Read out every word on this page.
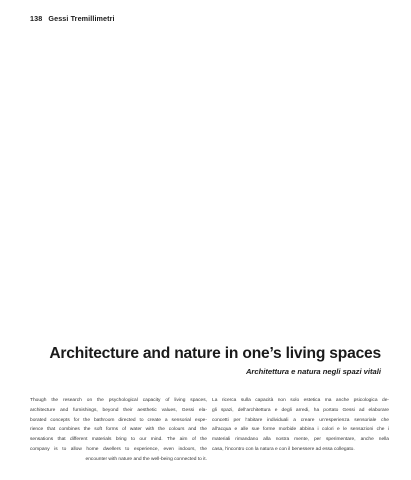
138 Gessi Tremillimetri
Architecture and nature in one’s living spaces
Architettura e natura negli spazi vitali
Though the research on the psychological capacity of living spaces,
architecture and furnishings, beyond their aesthetic values, Gessi ela-
borated concepts for the bathroom directed to create a sensorial expe-
rience that combines the soft forms of water with the colours and the
sensations that different materials bring to our mind. The aim of the
company is to allow home dwellers to experience, even indoors, the
encounter with nature and the well-being connected to it.
La ricerca sulla capacità non solo estetica ma anche psicologica de-
gli spazi, dell’architettura e degli arredi, ha portato Gessi ad elaborare
concetti per l’abitare individuali a creare un’esperienza sensoriale che
all’acqua e alle sue forme morbide abbina i colori e le sensazioni che i
materiali rimandano alla nostra mente, per sperimentare, anche nella
casa, l’incontro con la natura e con il benessere ad essa collegato.
